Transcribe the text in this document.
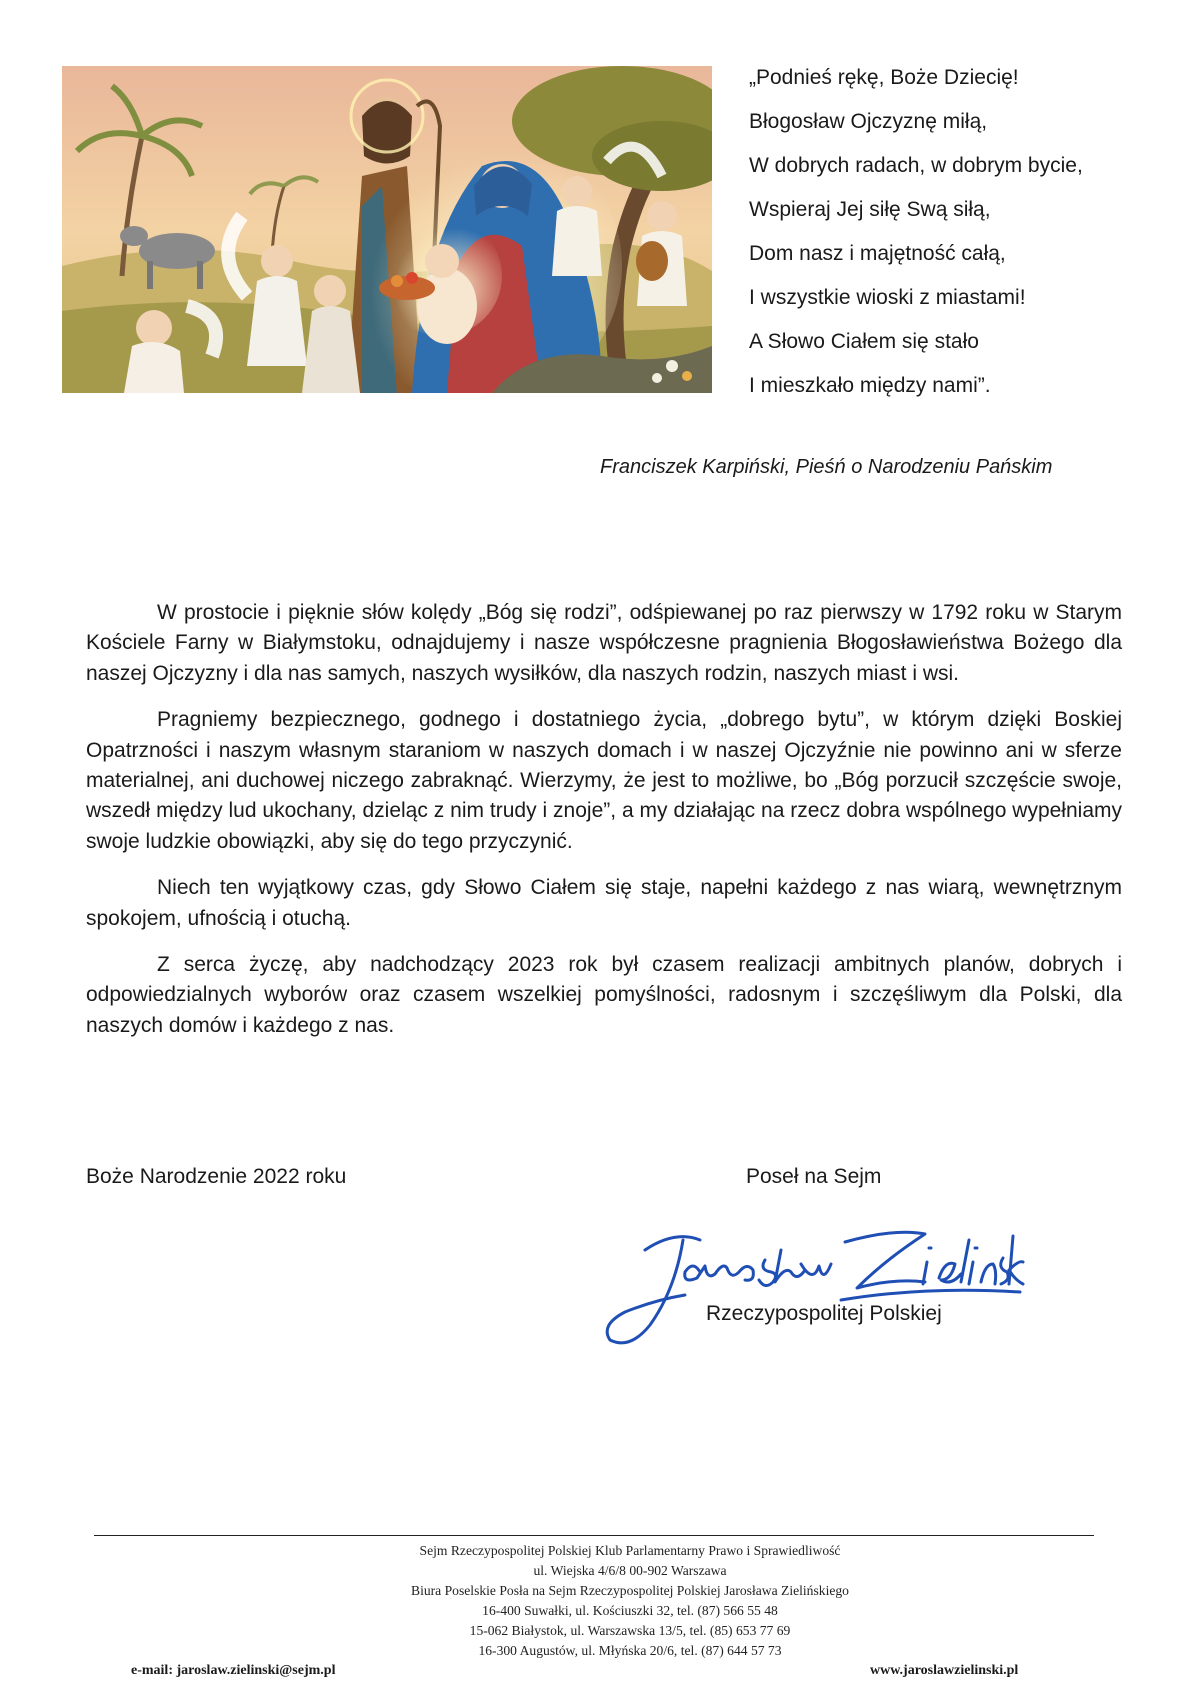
„Podnieś rękę, Boże Dziecię!
Błogosław Ojczyznę miłą,
W dobrych radach, w dobrym bycie,
Wspieraj Jej siłę Swą siłą,
Dom nasz i majętność całą,
I wszystkie wioski z miastami!
A Słowo Ciałem się stało
I mieszkało między nami”.
Franciszek Karpiński, Pieśń o Narodzeniu Pańskim

W prostocie i pięknie słów kolędy „Bóg się rodzi”, odśpiewanej po raz pierwszy w 1792 roku w Starym Kościele Farny w Białymstoku, odnajdujemy i nasze współczesne pragnienia Błogosławieństwa Bożego dla naszej Ojczyzny i dla nas samych, naszych wysiłków, dla naszych rodzin, naszych miast i wsi.

Pragniemy bezpiecznego, godnego i dostatniego życia, „dobrego bytu”, w którym dzięki Boskiej Opatrzności i naszym własnym staraniom w naszych domach i w naszej Ojczyźnie nie powinno ani w sferze materialnej, ani duchowej niczego zabraknąć. Wierzymy, że jest to możliwe, bo „Bóg porzucił szczęście swoje, wszedł między lud ukochany, dzieląc z nim trudy i znoje”, a my działając na rzecz dobra wspólnego wypełniamy swoje ludzkie obowiązki, aby się do tego przyczynić.

Niech ten wyjątkowy czas, gdy Słowo Ciałem się staje, napełni każdego z nas wiarą, wewnętrznym spokojem, ufnością i otuchą.

Z serca życzę, aby nadchodzący 2023 rok był czasem realizacji ambitnych planów, dobrych i odpowiedzialnych wyborów oraz czasem wszelkiej pomyślności, radosnym i szczęśliwym dla Polski, dla naszych domów i każdego z nas.

Boże Narodzenie 2022 roku	Poseł na Sejm
Rzeczypospolitej Polskiej
Sejm Rzeczypospolitej Polskiej Klub Parlamentarny Prawo i Sprawiedliwość
ul. Wiejska 4/6/8 00-902 Warszawa
Biura Poselskie Posła na Sejm Rzeczypospolitej Polskiej Jarosława Zielińskiego
16-400 Suwałki, ul. Kościuszki 32, tel. (87) 566 55 48
15-062 Białystok, ul. Warszawska 13/5, tel. (85) 653 77 69
16-300 Augustów, ul. Młyńska 20/6, tel. (87) 644 57 73
e-mail: jaroslaw.zielinski@sejm.pl	www.jaroslawzielinski.pl
